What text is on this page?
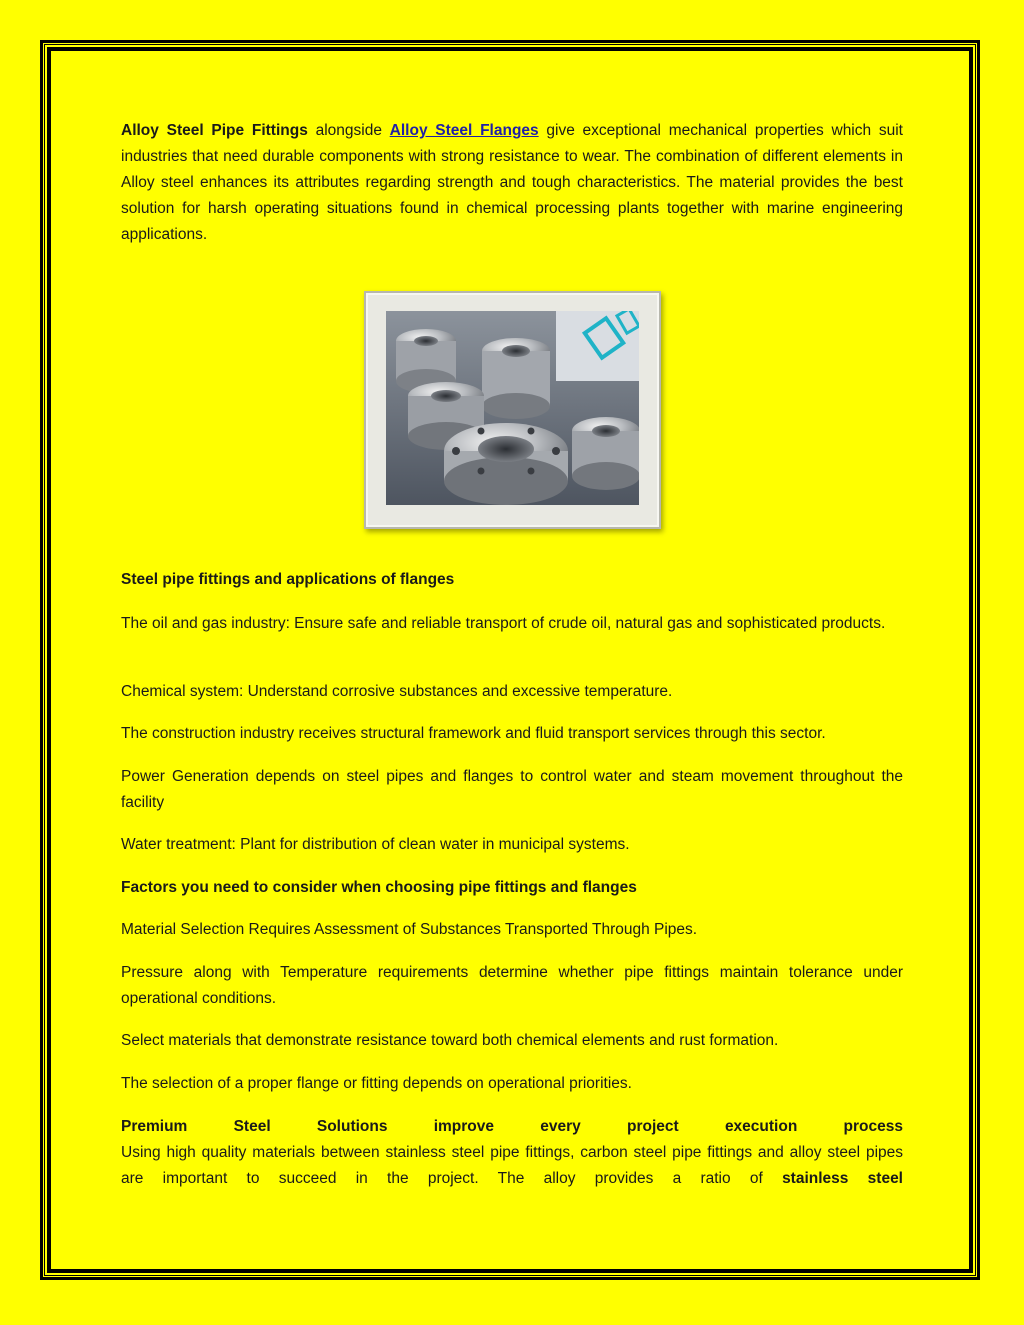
Alloy Steel Pipe Fittings alongside Alloy Steel Flanges give exceptional mechanical properties which suit industries that need durable components with strong resistance to wear. The combination of different elements in Alloy steel enhances its attributes regarding strength and tough characteristics. The material provides the best solution for harsh operating situations found in chemical processing plants together with marine engineering applications.

Steel pipe fittings and applications of flanges

The oil and gas industry: Ensure safe and reliable transport of crude oil, natural gas and sophisticated products.

Chemical system: Understand corrosive substances and excessive temperature.

The construction industry receives structural framework and fluid transport services through this sector.

Power Generation depends on steel pipes and flanges to control water and steam movement throughout the facility

Water treatment: Plant for distribution of clean water in municipal systems.

Factors you need to consider when choosing pipe fittings and flanges

Material Selection Requires Assessment of Substances Transported Through Pipes.

Pressure along with Temperature requirements determine whether pipe fittings maintain tolerance under operational conditions.

Select materials that demonstrate resistance toward both chemical elements and rust formation.

The selection of a proper flange or fitting depends on operational priorities.

Premium	Steel	Solutions	improve	every	project	execution	process

Using high quality materials between stainless steel pipe fittings, carbon steel pipe fittings and alloy steel pipes are important to succeed in the project. The alloy provides a ratio of stainless steel
